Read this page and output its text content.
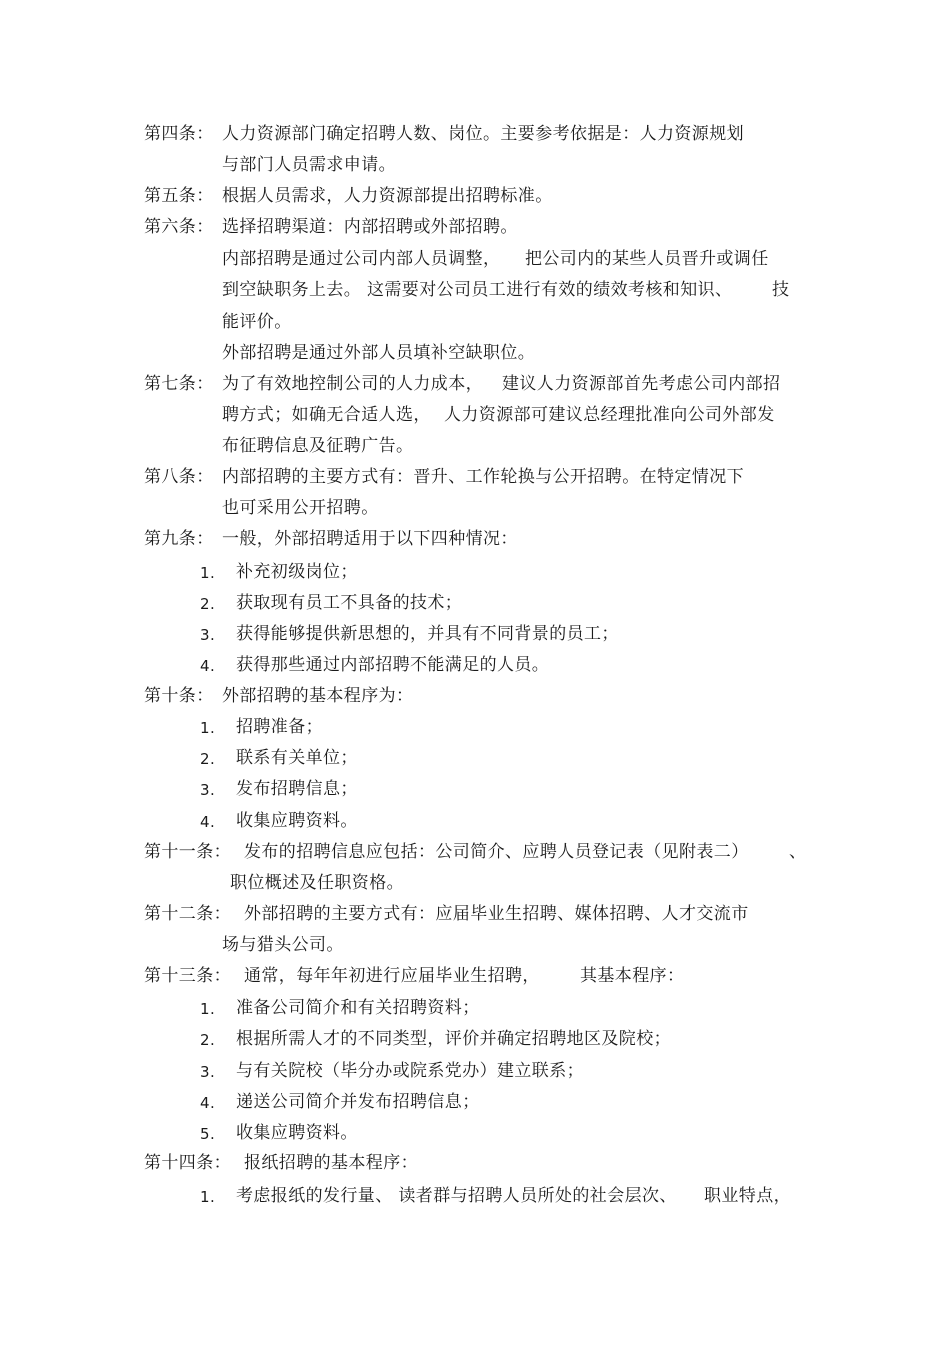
第四条： 人力资源部门确定招聘人数、岗位。主要参考依据是：人力资源规划
与部门人员需求申请。
第五条： 根据人员需求，人力资源部提出招聘标准。
第六条： 选择招聘渠道：内部招聘或外部招聘。
内部招聘是通过公司内部人员调整， 把公司内的某些人员晋升或调任
到空缺职务上去。 这需要对公司员工进行有效的绩效考核和知识、 技
能评价。
外部招聘是通过外部人员填补空缺职位。
第七条： 为了有效地控制公司的人力成本， 建议人力资源部首先考虑公司内部招
聘方式；如确无合适人选， 人力资源部可建议总经理批准向公司外部发
布征聘信息及征聘广告。
第八条： 内部招聘的主要方式有：晋升、工作轮换与公开招聘。在特定情况下
也可采用公开招聘。
第九条： 一般，外部招聘适用于以下四种情况：
1. 补充初级岗位；
2. 获取现有员工不具备的技术；
3. 获得能够提供新思想的，并具有不同背景的员工；
4. 获得那些通过内部招聘不能满足的人员。
第十条： 外部招聘的基本程序为：
1. 招聘准备；
2. 联系有关单位；
3. 发布招聘信息；
4. 收集应聘资料。
第十一条： 发布的招聘信息应包括：公司简介、应聘人员登记表（见附表二） 、
职位概述及任职资格。
第十二条： 外部招聘的主要方式有：应届毕业生招聘、媒体招聘、人才交流市
场与猎头公司。
第十三条： 通常，每年年初进行应届毕业生招聘， 其基本程序：
1. 准备公司简介和有关招聘资料；
2. 根据所需人才的不同类型，评价并确定招聘地区及院校；
3. 与有关院校（毕分办或院系党办）建立联系；
4. 递送公司简介并发布招聘信息；
5. 收集应聘资料。
第十四条： 报纸招聘的基本程序：
1. 考虑报纸的发行量、 读者群与招聘人员所处的社会层次、 职业特点，
